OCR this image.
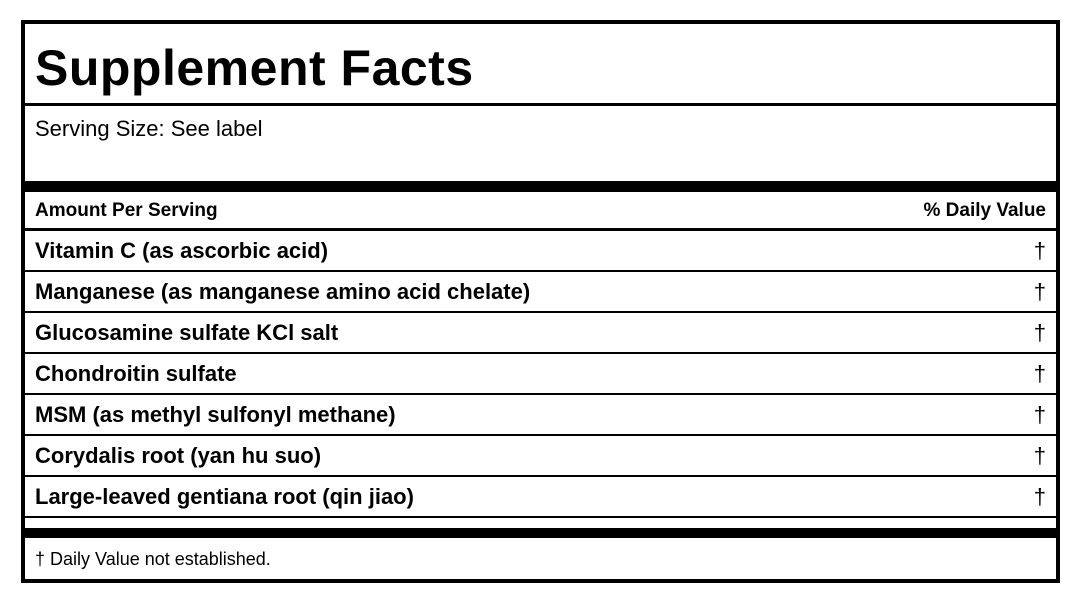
Supplement Facts
Serving Size: See label
Amount Per Serving	% Daily Value
Vitamin C (as ascorbic acid)	†
Manganese (as manganese amino acid chelate)	†
Glucosamine sulfate KCl salt	†
Chondroitin sulfate	†
MSM (as methyl sulfonyl methane)	†
Corydalis root (yan hu suo)	†
Large-leaved gentiana root (qin jiao)	†
† Daily Value not established.
